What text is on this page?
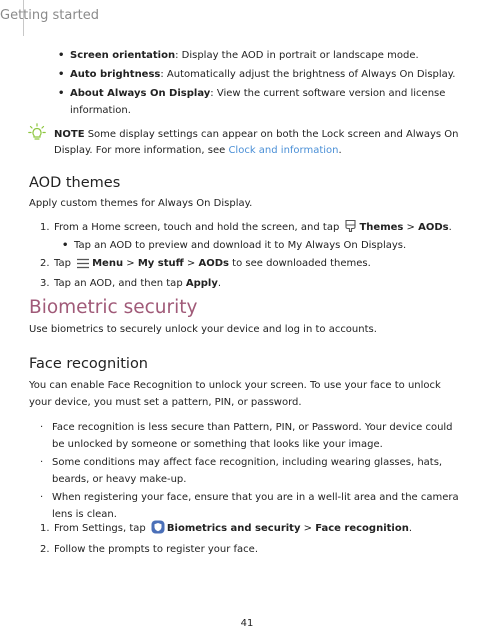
Getting started
• Screen orientation: Display the AOD in portrait or landscape mode.
• Auto brightness: Automatically adjust the brightness of Always On Display.
• About Always On Display: View the current software version and license
information.
NOTE Some display settings can appear on both the Lock screen and Always On
Display. For more information, see Clock and information.
AOD themes
Apply custom themes for Always On Display.
1. From a Home screen, touch and hold the screen, and tap Themes > AODs.
• Tap an AOD to preview and download it to My Always On Displays.
2. Tap Menu > My stuff > AODs to see downloaded themes.
3. Tap an AOD, and then tap Apply.
Biometric security
Use biometrics to securely unlock your device and log in to accounts.
Face recognition
You can enable Face Recognition to unlock your screen. To use your face to unlock
your device, you must set a pattern, PIN, or password.
· Face recognition is less secure than Pattern, PIN, or Password. Your device could
be unlocked by someone or something that looks like your image.
· Some conditions may affect face recognition, including wearing glasses, hats,
beards, or heavy make-up.
· When registering your face, ensure that you are in a well-lit area and the camera
lens is clean.
1. From Settings, tap Biometrics and security > Face recognition.
2. Follow the prompts to register your face.
41
